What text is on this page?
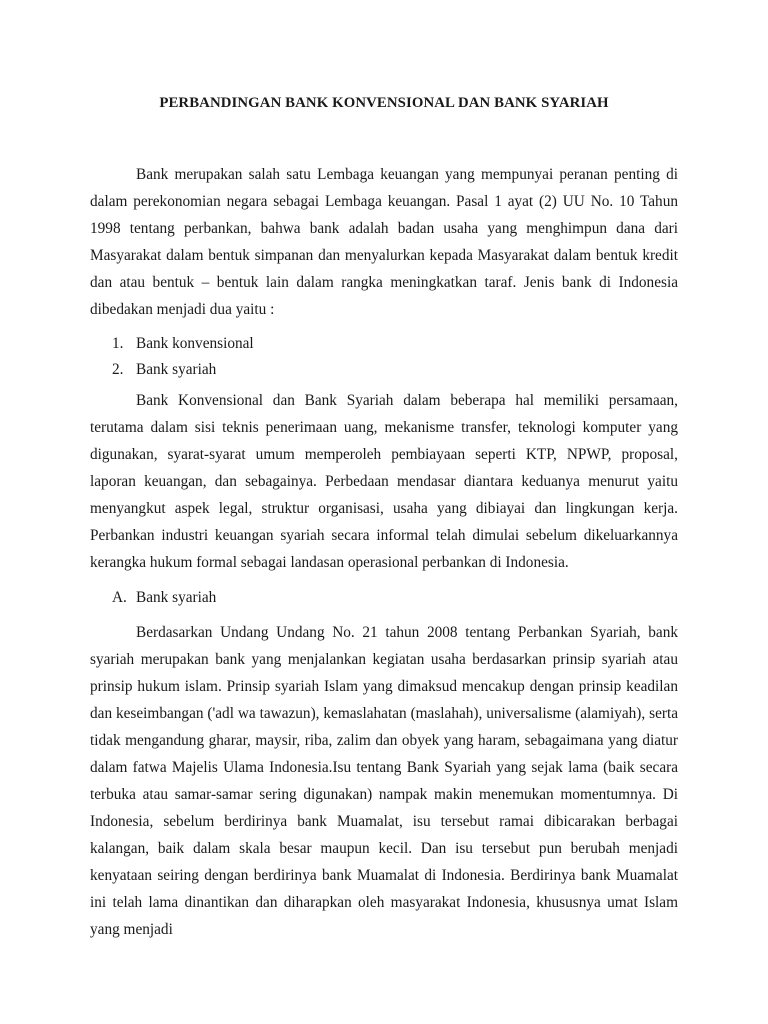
PERBANDINGAN BANK KONVENSIONAL DAN BANK SYARIAH

Bank merupakan salah satu Lembaga keuangan yang mempunyai peranan penting di dalam perekonomian negara sebagai Lembaga keuangan. Pasal 1 ayat (2) UU No. 10 Tahun 1998 tentang perbankan, bahwa bank adalah badan usaha yang menghimpun dana dari Masyarakat dalam bentuk simpanan dan menyalurkan kepada Masyarakat dalam bentuk kredit dan atau bentuk – bentuk lain dalam rangka meningkatkan taraf. Jenis bank di Indonesia dibedakan menjadi dua yaitu :

1. Bank konvensional
2. Bank syariah

Bank Konvensional dan Bank Syariah dalam beberapa hal memiliki persamaan, terutama dalam sisi teknis penerimaan uang, mekanisme transfer, teknologi komputer yang digunakan, syarat-syarat umum memperoleh pembiayaan seperti KTP, NPWP, proposal, laporan keuangan, dan sebagainya. Perbedaan mendasar diantara keduanya menurut yaitu menyangkut aspek legal, struktur organisasi, usaha yang dibiayai dan lingkungan kerja. Perbankan industri keuangan syariah secara informal telah dimulai sebelum dikeluarkannya kerangka hukum formal sebagai landasan operasional perbankan di Indonesia.

A. Bank syariah

Berdasarkan Undang Undang No. 21 tahun 2008 tentang Perbankan Syariah, bank syariah merupakan bank yang menjalankan kegiatan usaha berdasarkan prinsip syariah atau prinsip hukum islam. Prinsip syariah Islam yang dimaksud mencakup dengan prinsip keadilan dan keseimbangan ('adl wa tawazun), kemaslahatan (maslahah), universalisme (alamiyah), serta tidak mengandung gharar, maysir, riba, zalim dan obyek yang haram, sebagaimana yang diatur dalam fatwa Majelis Ulama Indonesia.Isu tentang Bank Syariah yang sejak lama (baik secara terbuka atau samar-samar sering digunakan) nampak makin menemukan momentumnya. Di Indonesia, sebelum berdirinya bank Muamalat, isu tersebut ramai dibicarakan berbagai kalangan, baik dalam skala besar maupun kecil. Dan isu tersebut pun berubah menjadi kenyataan seiring dengan berdirinya bank Muamalat di Indonesia. Berdirinya bank Muamalat ini telah lama dinantikan dan diharapkan oleh masyarakat Indonesia, khususnya umat Islam yang menjadi
